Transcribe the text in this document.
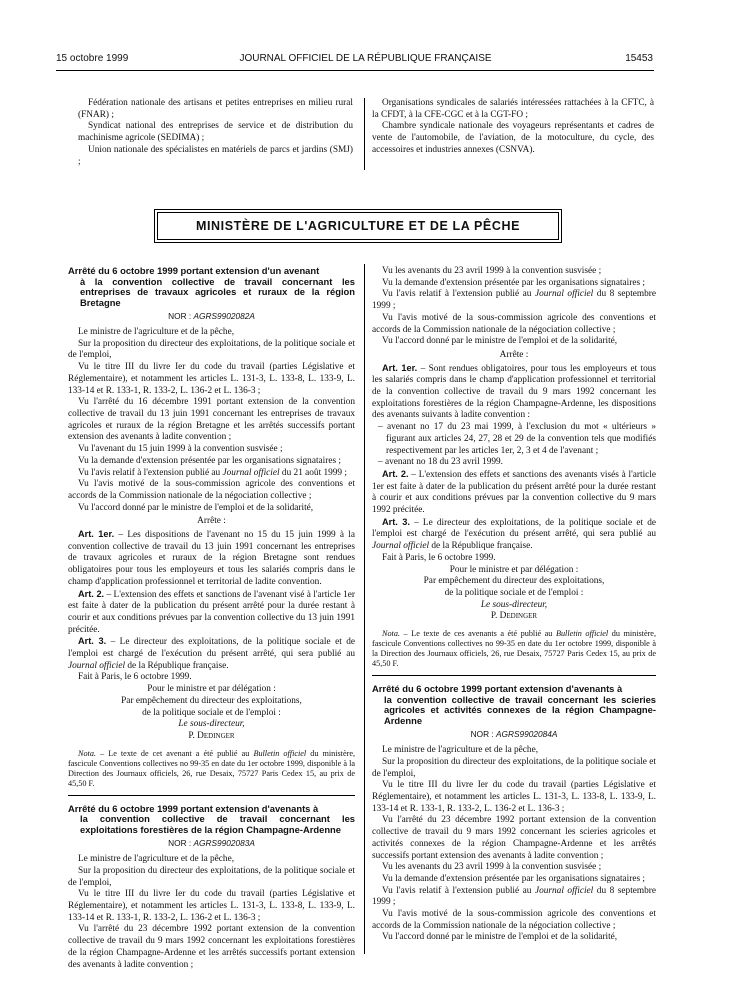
15 octobre 1999	JOURNAL OFFICIEL DE LA RÉPUBLIQUE FRANÇAISE	15453

Fédération nationale des artisans et petites entreprises en milieu rural (FNAR) ;

Syndicat national des entreprises de service et de distribution du machinisme agricole (SEDIMA) ;

Union nationale des spécialistes en matériels de parcs et jardins (SMJ) ;

Organisations syndicales de salariés intéressées rattachées à la CFTC, à la CFDT, à la CFE-CGC et à la CGT-FO ;

Chambre syndicale nationale des voyageurs représentants et cadres de vente de l'automobile, de l'aviation, de la motoculture, du cycle, des accessoires et industries annexes (CSNVA).

MINISTÈRE DE L'AGRICULTURE ET DE LA PÊCHE
Arrêté du 6 octobre 1999 portant extension d'un avenant
à la convention collective de travail concernant les entreprises de travaux agricoles et ruraux de la région Bretagne
NOR : AGRS9902082A

Le ministre de l'agriculture et de la pêche,

Sur la proposition du directeur des exploitations, de la politique sociale et de l'emploi,

Vu le titre III du livre Ier du code du travail (parties Législative et Réglementaire), et notamment les articles L. 131-3, L. 133-8, L. 133-9, L. 133-14 et R. 133-1, R. 133-2, L. 136-2 et L. 136-3 ;

Vu l'arrêté du 16 décembre 1991 portant extension de la convention collective de travail du 13 juin 1991 concernant les entreprises de travaux agricoles et ruraux de la région Bretagne et les arrêtés successifs portant extension des avenants à ladite convention ;

Vu l'avenant du 15 juin 1999 à la convention susvisée ;

Vu la demande d'extension présentée par les organisations signataires ;

Vu l'avis relatif à l'extension publié au Journal officiel du 21 août 1999 ;

Vu l'avis motivé de la sous-commission agricole des conventions et accords de la Commission nationale de la négociation collective ;

Vu l'accord donné par le ministre de l'emploi et de la solidarité,

Arrête :

Art. 1er. – Les dispositions de l'avenant no 15 du 15 juin 1999 à la convention collective de travail du 13 juin 1991 concernant les entreprises de travaux agricoles et ruraux de la région Bretagne sont rendues obligatoires pour tous les employeurs et tous les salariés compris dans le champ d'application professionnel et territorial de ladite convention.

Art. 2. – L'extension des effets et sanctions de l'avenant visé à l'article 1er est faite à dater de la publication du présent arrêté pour la durée restant à courir et aux conditions prévues par la convention collective du 13 juin 1991 précitée.

Art. 3. – Le directeur des exploitations, de la politique sociale et de l'emploi est chargé de l'exécution du présent arrêté, qui sera publié au Journal officiel de la République française.

Fait à Paris, le 6 octobre 1999.

Pour le ministre et par délégation :

Par empêchement du directeur des exploitations,

de la politique sociale et de l'emploi :

Le sous-directeur,

P. Dedinger

Nota. – Le texte de cet avenant a été publié au Bulletin officiel du ministère, fascicule Conventions collectives no 99-35 en date du 1er octobre 1999, disponible à la Direction des Journaux officiels, 26, rue Desaix, 75727 Paris Cedex 15, au prix de 45,50 F.

Arrêté du 6 octobre 1999 portant extension d'avenants à
la convention collective de travail concernant les exploitations forestières de la région Champagne-Ardenne
NOR : AGRS9902083A

Le ministre de l'agriculture et de la pêche,

Sur la proposition du directeur des exploitations, de la politique sociale et de l'emploi,

Vu le titre III du livre Ier du code du travail (parties Législative et Réglementaire), et notamment les articles L. 131-3, L. 133-8, L. 133-9, L. 133-14 et R. 133-1, R. 133-2, L. 136-2 et L. 136-3 ;

Vu l'arrêté du 23 décembre 1992 portant extension de la convention collective de travail du 9 mars 1992 concernant les exploitations forestières de la région Champagne-Ardenne et les arrêtés successifs portant extension des avenants à ladite convention ;

Vu les avenants du 23 avril 1999 à la convention susvisée ;

Vu la demande d'extension présentée par les organisations signataires ;

Vu l'avis relatif à l'extension publié au Journal officiel du 8 septembre 1999 ;

Vu l'avis motivé de la sous-commission agricole des conventions et accords de la Commission nationale de la négociation collective ;

Vu l'accord donné par le ministre de l'emploi et de la solidarité,

Arrête :

Art. 1er. – Sont rendues obligatoires, pour tous les employeurs et tous les salariés compris dans le champ d'application professionnel et territorial de la convention collective de travail du 9 mars 1992 concernant les exploitations forestières de la région Champagne-Ardenne, les dispositions des avenants suivants à ladite convention :

– avenant no 17 du 23 mai 1999, à l'exclusion du mot « ultérieurs » figurant aux articles 24, 27, 28 et 29 de la convention tels que modifiés respectivement par les articles 1er, 2, 3 et 4 de l'avenant ;

– avenant no 18 du 23 avril 1999.

Art. 2. – L'extension des effets et sanctions des avenants visés à l'article 1er est faite à dater de la publication du présent arrêté pour la durée restant à courir et aux conditions prévues par la convention collective du 9 mars 1992 précitée.

Art. 3. – Le directeur des exploitations, de la politique sociale et de l'emploi est chargé de l'exécution du présent arrêté, qui sera publié au Journal officiel de la République française.

Fait à Paris, le 6 octobre 1999.

Pour le ministre et par délégation :

Par empêchement du directeur des exploitations,

de la politique sociale et de l'emploi :

Le sous-directeur,

P. Dedinger

Nota. – Le texte de ces avenants a été publié au Bulletin officiel du ministère, fascicule Conventions collectives no 99-35 en date du 1er octobre 1999, disponible à la Direction des Journaux officiels, 26, rue Desaix, 75727 Paris Cedex 15, au prix de 45,50 F.

Arrêté du 6 octobre 1999 portant extension d'avenants à
la convention collective de travail concernant les scieries agricoles et activités connexes de la région Champagne-Ardenne
NOR : AGRS9902084A

Le ministre de l'agriculture et de la pêche,

Sur la proposition du directeur des exploitations, de la politique sociale et de l'emploi,

Vu le titre III du livre Ier du code du travail (parties Législative et Réglementaire), et notamment les articles L. 131-3, L. 133-8, L. 133-9, L. 133-14 et R. 133-1, R. 133-2, L. 136-2 et L. 136-3 ;

Vu l'arrêté du 23 décembre 1992 portant extension de la convention collective de travail du 9 mars 1992 concernant les scieries agricoles et activités connexes de la région Champagne-Ardenne et les arrêtés successifs portant extension des avenants à ladite convention ;

Vu les avenants du 23 avril 1999 à la convention susvisée ;

Vu la demande d'extension présentée par les organisations signataires ;

Vu l'avis relatif à l'extension publié au Journal officiel du 8 septembre 1999 ;

Vu l'avis motivé de la sous-commission agricole des conventions et accords de la Commission nationale de la négociation collective ;

Vu l'accord donné par le ministre de l'emploi et de la solidarité,
